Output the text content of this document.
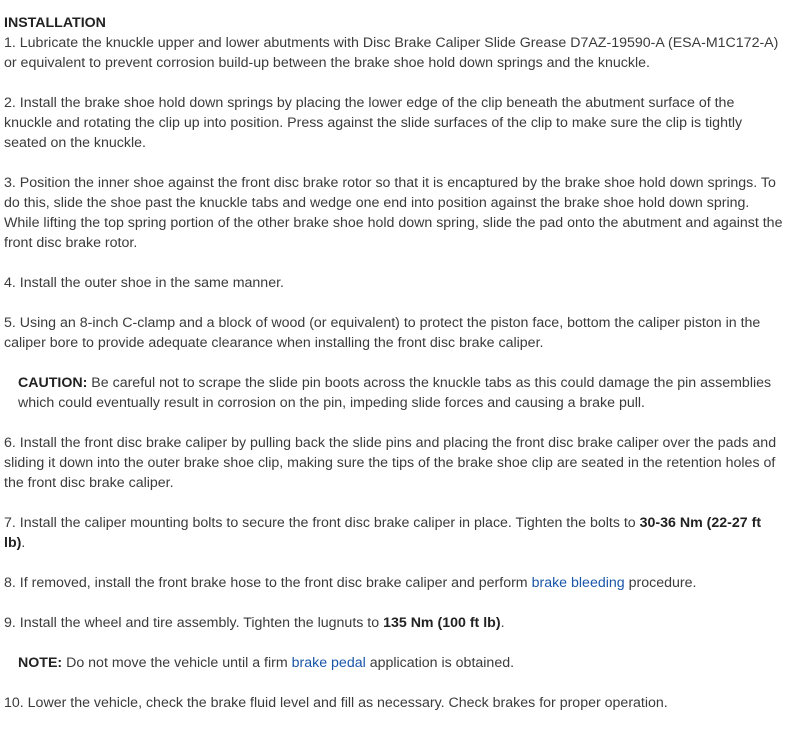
INSTALLATION

1. Lubricate the knuckle upper and lower abutments with Disc Brake Caliper Slide Grease D7AZ-19590-A (ESA-M1C172-A) or equivalent to prevent corrosion build-up between the brake shoe hold down springs and the knuckle.

2. Install the brake shoe hold down springs by placing the lower edge of the clip beneath the abutment surface of the knuckle and rotating the clip up into position. Press against the slide surfaces of the clip to make sure the clip is tightly seated on the knuckle.

3. Position the inner shoe against the front disc brake rotor so that it is encaptured by the brake shoe hold down springs. To do this, slide the shoe past the knuckle tabs and wedge one end into position against the brake shoe hold down spring. While lifting the top spring portion of the other brake shoe hold down spring, slide the pad onto the abutment and against the front disc brake rotor.

4. Install the outer shoe in the same manner.

5. Using an 8-inch C-clamp and a block of wood (or equivalent) to protect the piston face, bottom the caliper piston in the caliper bore to provide adequate clearance when installing the front disc brake caliper.

CAUTION: Be careful not to scrape the slide pin boots across the knuckle tabs as this could damage the pin assemblies which could eventually result in corrosion on the pin, impeding slide forces and causing a brake pull.

6. Install the front disc brake caliper by pulling back the slide pins and placing the front disc brake caliper over the pads and sliding it down into the outer brake shoe clip, making sure the tips of the brake shoe clip are seated in the retention holes of the front disc brake caliper.

7. Install the caliper mounting bolts to secure the front disc brake caliper in place. Tighten the bolts to 30-36 Nm (22-27 ft lb).

8. If removed, install the front brake hose to the front disc brake caliper and perform brake bleeding procedure.

9. Install the wheel and tire assembly. Tighten the lugnuts to 135 Nm (100 ft lb).

NOTE: Do not move the vehicle until a firm brake pedal application is obtained.

10. Lower the vehicle, check the brake fluid level and fill as necessary. Check brakes for proper operation.
